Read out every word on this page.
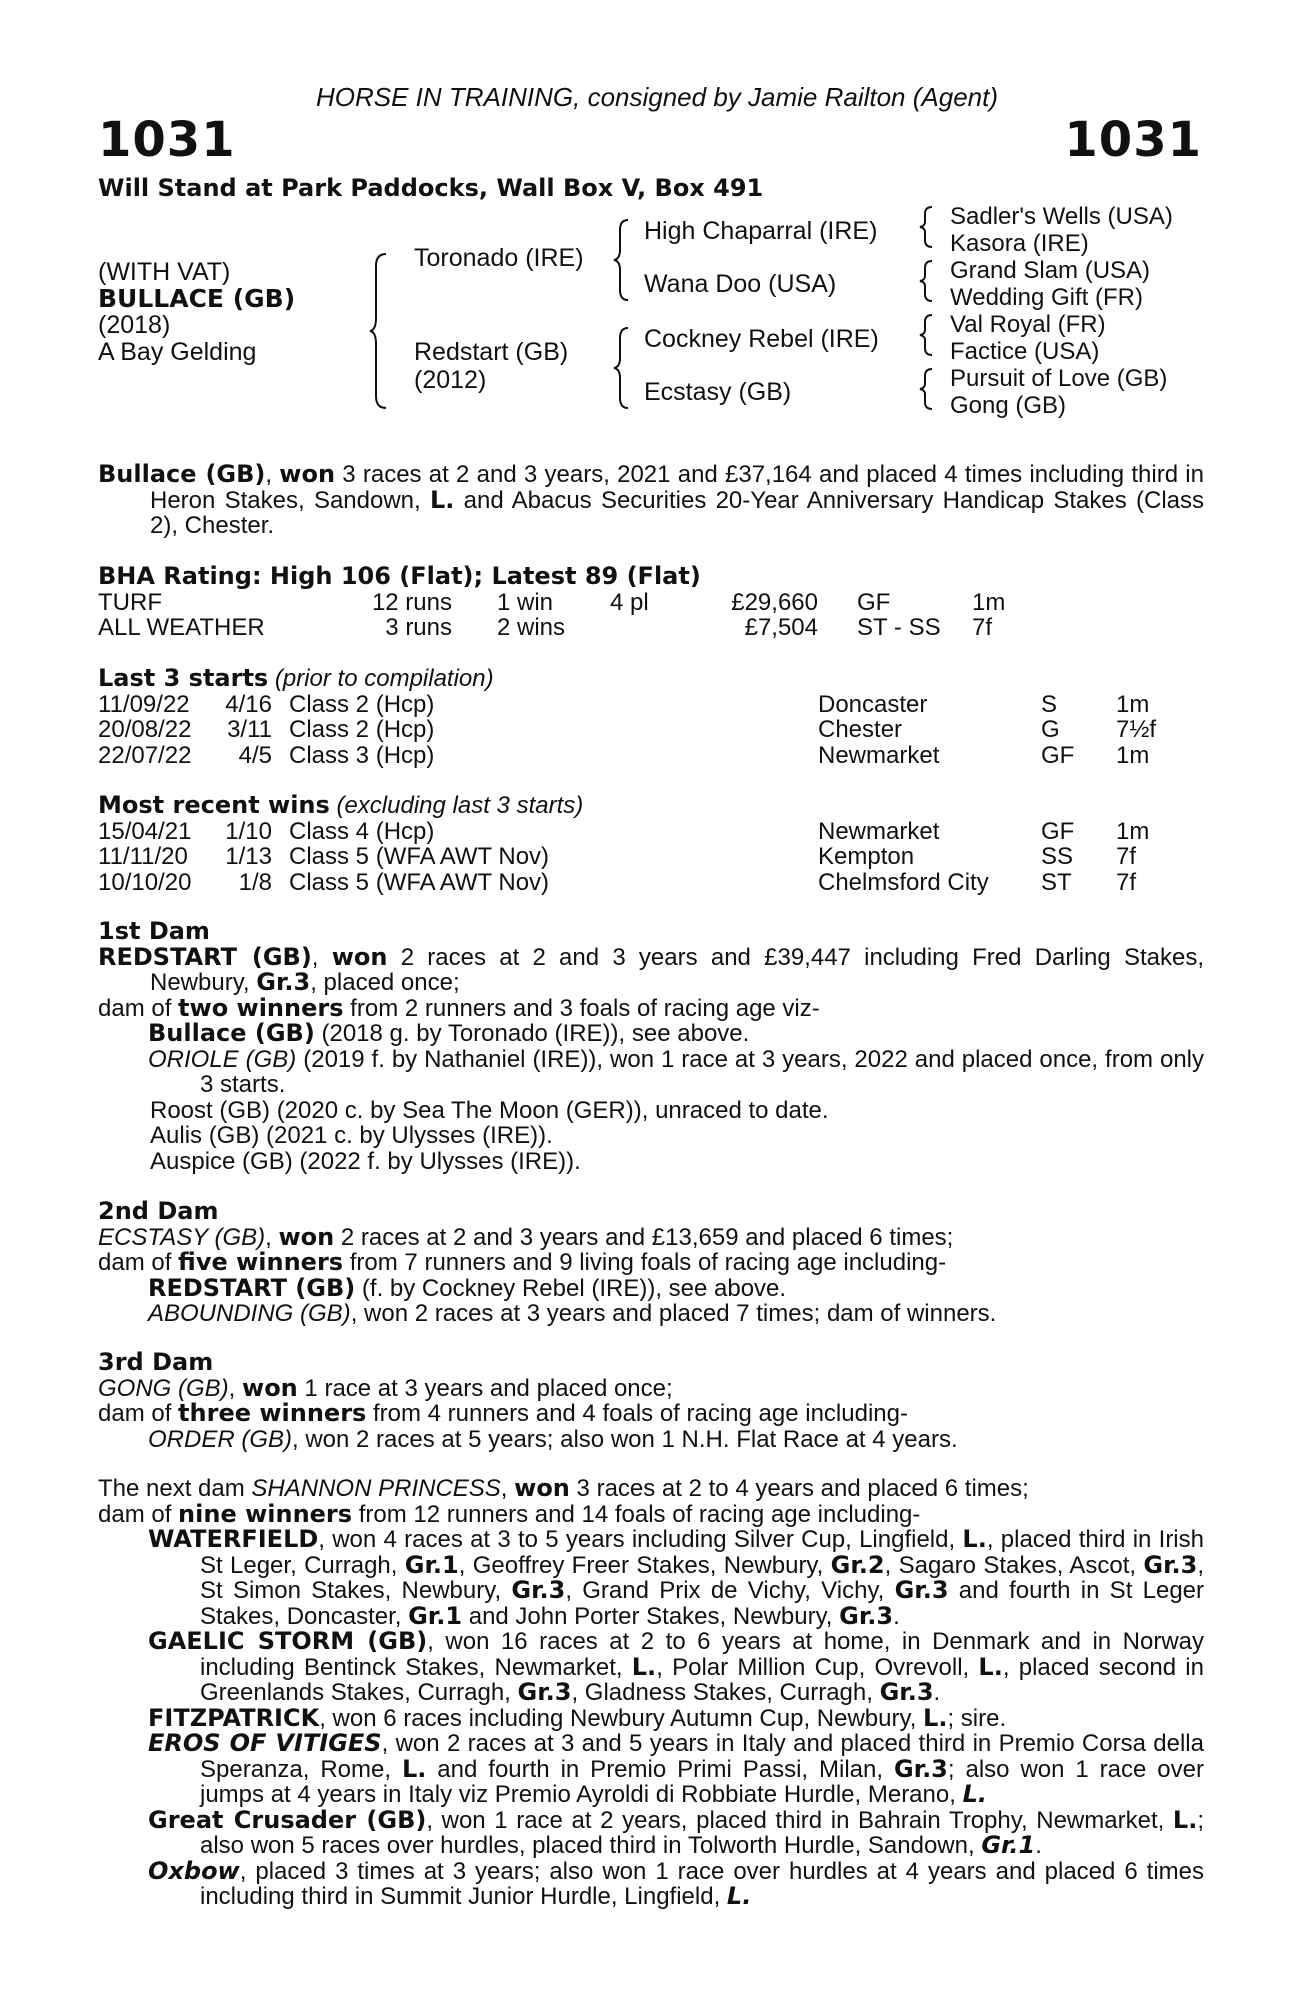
HORSE IN TRAINING, consigned by Jamie Railton (Agent)
1031	1031
Will Stand at Park Paddocks, Wall Box V, Box 491
(WITH VAT)
BULLACE (GB)
(2018)
A Bay Gelding
Toronado (IRE)
Redstart (GB)
(2012)
High Chaparral (IRE)
Wana Doo (USA)
Cockney Rebel (IRE)
Ecstasy (GB)
Sadler's Wells (USA)
Kasora (IRE)
Grand Slam (USA)
Wedding Gift (FR)
Val Royal (FR)
Factice (USA)
Pursuit of Love (GB)
Gong (GB)

Bullace (GB), won 3 races at 2 and 3 years, 2021 and £37,164 and placed 4 times including third in Heron Stakes, Sandown, L. and Abacus Securities 20-Year Anniversary Handicap Stakes (Class 2), Chester.

BHA Rating: High 106 (Flat); Latest 89 (Flat)

TURF	12 runs 1 win 4 pl	£29,660 GF	1m
ALL WEATHER	3 runs 2 wins	£7,504 ST - SS 7f

Last 3 starts (prior to compilation)

11/09/22	4/16 Class 2 (Hcp)	Doncaster	S 1m
20/08/22	3/11 Class 2 (Hcp)	Chester	G 7½f
22/07/22	4/5 Class 3 (Hcp)	Newmarket	GF 1m

Most recent wins (excluding last 3 starts)

15/04/21	1/10 Class 4 (Hcp)	Newmarket	GF 1m
11/11/20	1/13 Class 5 (WFA AWT Nov)	Kempton	SS 7f
10/10/20	1/8 Class 5 (WFA AWT Nov)	Chelmsford City ST 7f

1st Dam

REDSTART (GB), won 2 races at 2 and 3 years and £39,447 including Fred Darling Stakes, Newbury, Gr.3, placed once;

dam of two winners from 2 runners and 3 foals of racing age viz-

Bullace (GB) (2018 g. by Toronado (IRE)), see above.

ORIOLE (GB) (2019 f. by Nathaniel (IRE)), won 1 race at 3 years, 2022 and placed once, from only 3 starts.

Roost (GB) (2020 c. by Sea The Moon (GER)), unraced to date.

Aulis (GB) (2021 c. by Ulysses (IRE)).

Auspice (GB) (2022 f. by Ulysses (IRE)).

2nd Dam

ECSTASY (GB), won 2 races at 2 and 3 years and £13,659 and placed 6 times;

dam of five winners from 7 runners and 9 living foals of racing age including-

REDSTART (GB) (f. by Cockney Rebel (IRE)), see above.

ABOUNDING (GB), won 2 races at 3 years and placed 7 times; dam of winners.

3rd Dam

GONG (GB), won 1 race at 3 years and placed once;

dam of three winners from 4 runners and 4 foals of racing age including-

ORDER (GB), won 2 races at 5 years; also won 1 N.H. Flat Race at 4 years.

The next dam SHANNON PRINCESS, won 3 races at 2 to 4 years and placed 6 times;

dam of nine winners from 12 runners and 14 foals of racing age including-

WATERFIELD, won 4 races at 3 to 5 years including Silver Cup, Lingfield, L., placed third in Irish St Leger, Curragh, Gr.1, Geoffrey Freer Stakes, Newbury, Gr.2, Sagaro Stakes, Ascot, Gr.3, St Simon Stakes, Newbury, Gr.3, Grand Prix de Vichy, Vichy, Gr.3 and fourth in St Leger Stakes, Doncaster, Gr.1 and John Porter Stakes, Newbury, Gr.3.

GAELIC STORM (GB), won 16 races at 2 to 6 years at home, in Denmark and in Norway including Bentinck Stakes, Newmarket, L., Polar Million Cup, Ovrevoll, L., placed second in Greenlands Stakes, Curragh, Gr.3, Gladness Stakes, Curragh, Gr.3.

FITZPATRICK, won 6 races including Newbury Autumn Cup, Newbury, L.; sire.

EROS OF VITIGES, won 2 races at 3 and 5 years in Italy and placed third in Premio Corsa della Speranza, Rome, L. and fourth in Premio Primi Passi, Milan, Gr.3; also won 1 race over jumps at 4 years in Italy viz Premio Ayroldi di Robbiate Hurdle, Merano, L.

Great Crusader (GB), won 1 race at 2 years, placed third in Bahrain Trophy, Newmarket, L.; also won 5 races over hurdles, placed third in Tolworth Hurdle, Sandown, Gr.1.

Oxbow, placed 3 times at 3 years; also won 1 race over hurdles at 4 years and placed 6 times including third in Summit Junior Hurdle, Lingfield, L.
